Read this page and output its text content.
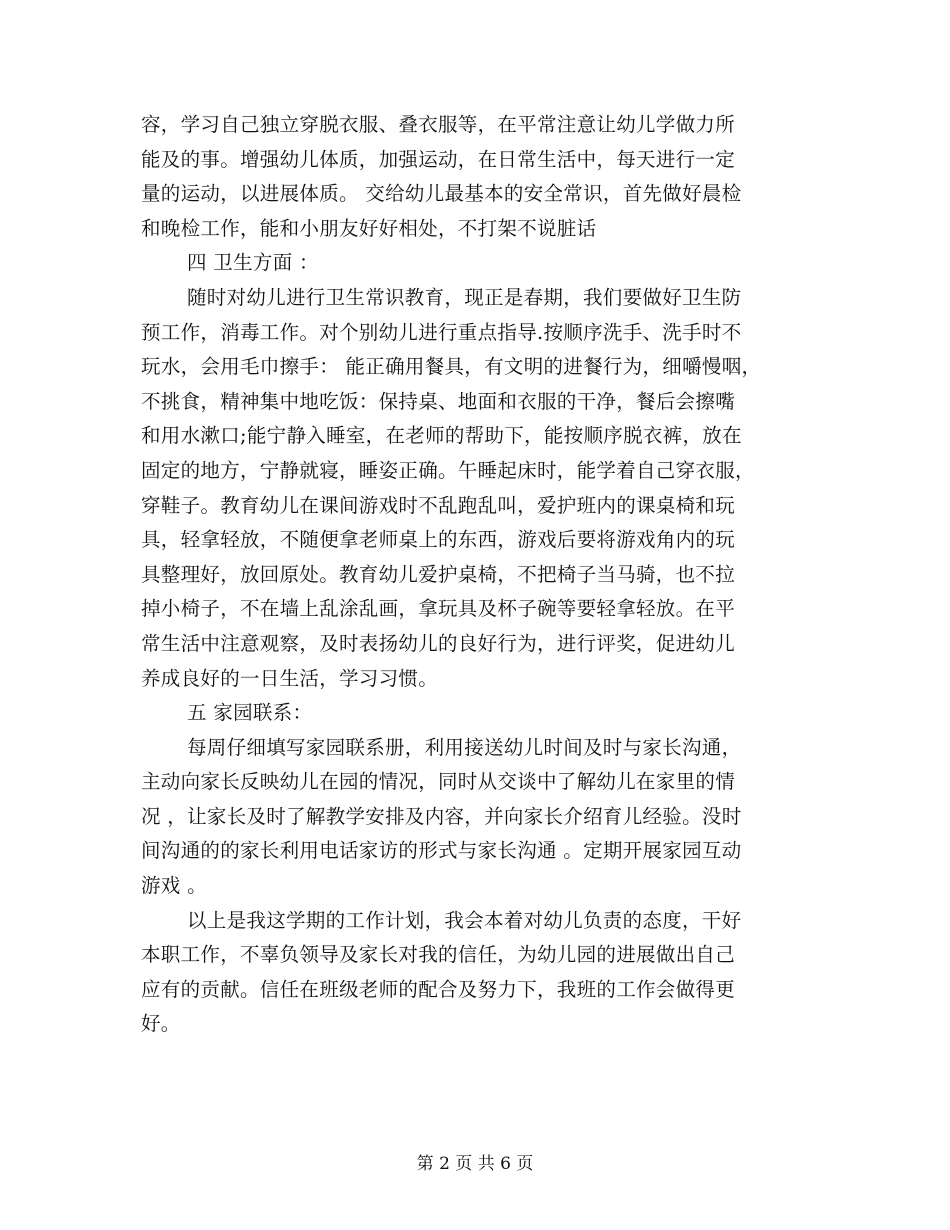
容，学习自己独立穿脱衣服、叠衣服等，在平常注意让幼儿学做力所
能及的事。增强幼儿体质，加强运动，在日常生活中，每天进行一定
量的运动，以进展体质。 交给幼儿最基本的安全常识，首先做好晨检
和晚检工作，能和小朋友好好相处，不打架不说脏话
四 卫生方面 ：
随时对幼儿进行卫生常识教育，现正是春期，我们要做好卫生防
预工作，消毒工作。对个别幼儿进行重点指导.按顺序洗手、洗手时不
玩水，会用毛巾擦手： 能正确用餐具，有文明的进餐行为，细嚼慢咽，
不挑食，精神集中地吃饭：保持桌、地面和衣服的干净，餐后会擦嘴
和用水漱口;能宁静入睡室，在老师的帮助下，能按顺序脱衣裤，放在
固定的地方，宁静就寝，睡姿正确。午睡起床时，能学着自己穿衣服，
穿鞋子。教育幼儿在课间游戏时不乱跑乱叫，爱护班内的课桌椅和玩
具，轻拿轻放，不随便拿老师桌上的东西，游戏后要将游戏角内的玩
具整理好，放回原处。教育幼儿爱护桌椅，不把椅子当马骑，也不拉
掉小椅子，不在墙上乱涂乱画，拿玩具及杯子碗等要轻拿轻放。在平
常生活中注意观察，及时表扬幼儿的良好行为，进行评奖，促进幼儿
养成良好的一日生活，学习习惯。
五 家园联系：
每周仔细填写家园联系册，利用接送幼儿时间及时与家长沟通，
主动向家长反映幼儿在园的情况，同时从交谈中了解幼儿在家里的情
况 ，让家长及时了解教学安排及内容，并向家长介绍育儿经验。没时
间沟通的的家长利用电话家访的形式与家长沟通 。定期开展家园互动
游戏 。
以上是我这学期的工作计划，我会本着对幼儿负责的态度，干好
本职工作，不辜负领导及家长对我的信任，为幼儿园的进展做出自己
应有的贡献。信任在班级老师的配合及努力下，我班的工作会做得更
好。
第 2 页 共 6 页
